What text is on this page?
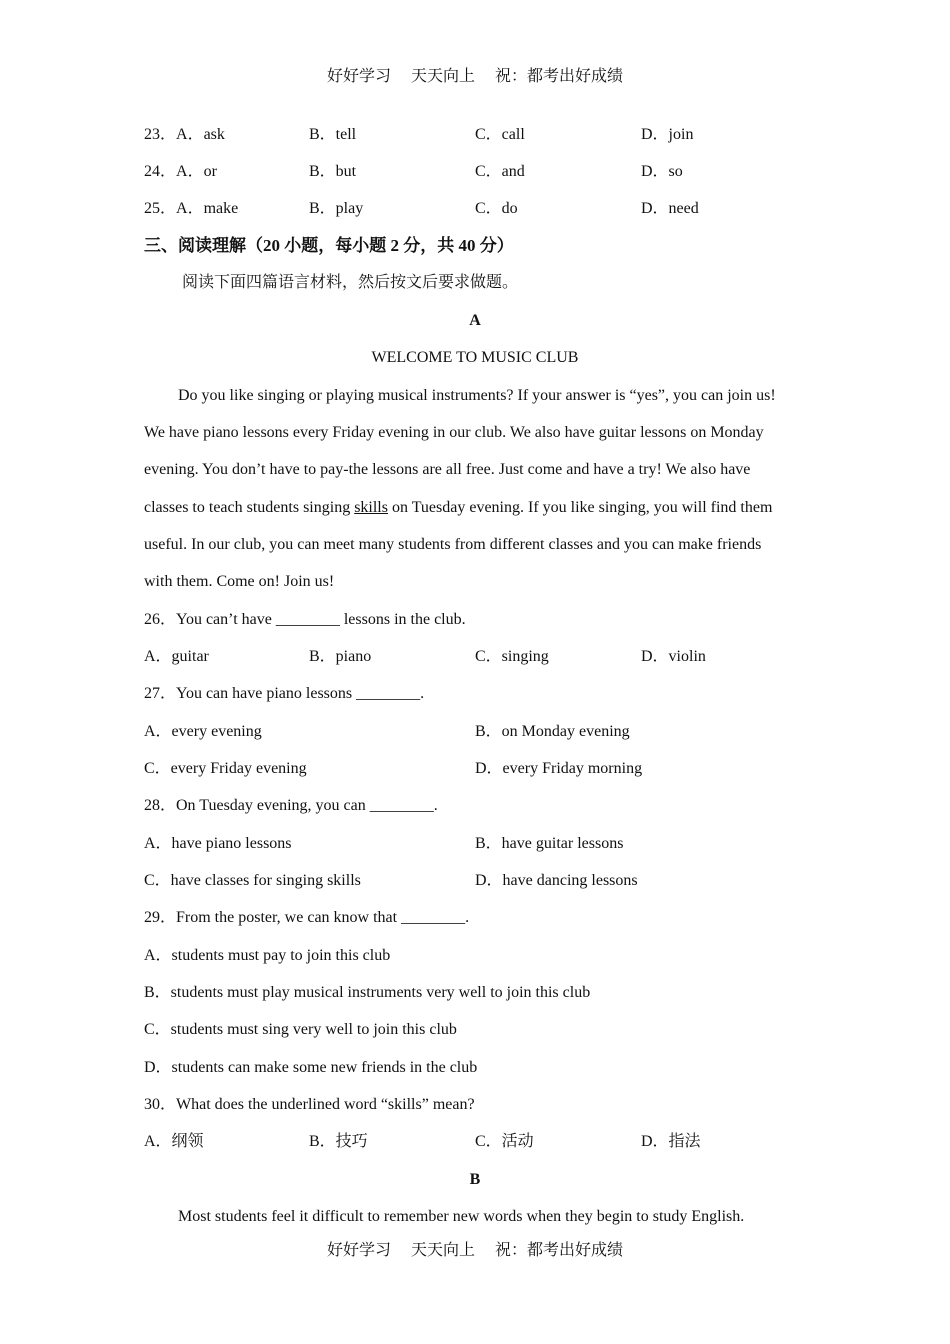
好好学习 天天向上 祝：都考出好成绩
23．A．ask	B．tell	C．call	D．join
24．A．or	B．but	C．and	D．so
25．A．make	B．play	C．do	D．need
三、阅读理解（20 小题，每小题 2 分，共 40 分）
阅读下面四篇语言材料，然后按文后要求做题。
A
WELCOME TO MUSIC CLUB
Do you like singing or playing musical instruments? If your answer is “yes”, you can join us!
We have piano lessons every Friday evening in our club. We also have guitar lessons on Monday
evening. You don’t have to pay-the lessons are all free. Just come and have a try! We also have
classes to teach students singing skills on Tuesday evening. If you like singing, you will find them
useful. In our club, you can meet many students from different classes and you can make friends
with them. Come on! Join us!
26．You can’t have ________ lessons in the club.
A．guitar	B．piano	C．singing	D．violin
27．You can have piano lessons ________.
A．every evening	B．on Monday evening
C．every Friday evening	D．every Friday morning
28．On Tuesday evening, you can ________.
A．have piano lessons	B．have guitar lessons
C．have classes for singing skills	D．have dancing lessons
29．From the poster, we can know that ________.
A．students must pay to join this club
B．students must play musical instruments very well to join this club
C．students must sing very well to join this club
D．students can make some new friends in the club
30．What does the underlined word “skills” mean?
A．纲领	B．技巧	C．活动	D．指法
B
Most students feel it difficult to remember new words when they begin to study English.
好好学习 天天向上 祝：都考出好成绩
